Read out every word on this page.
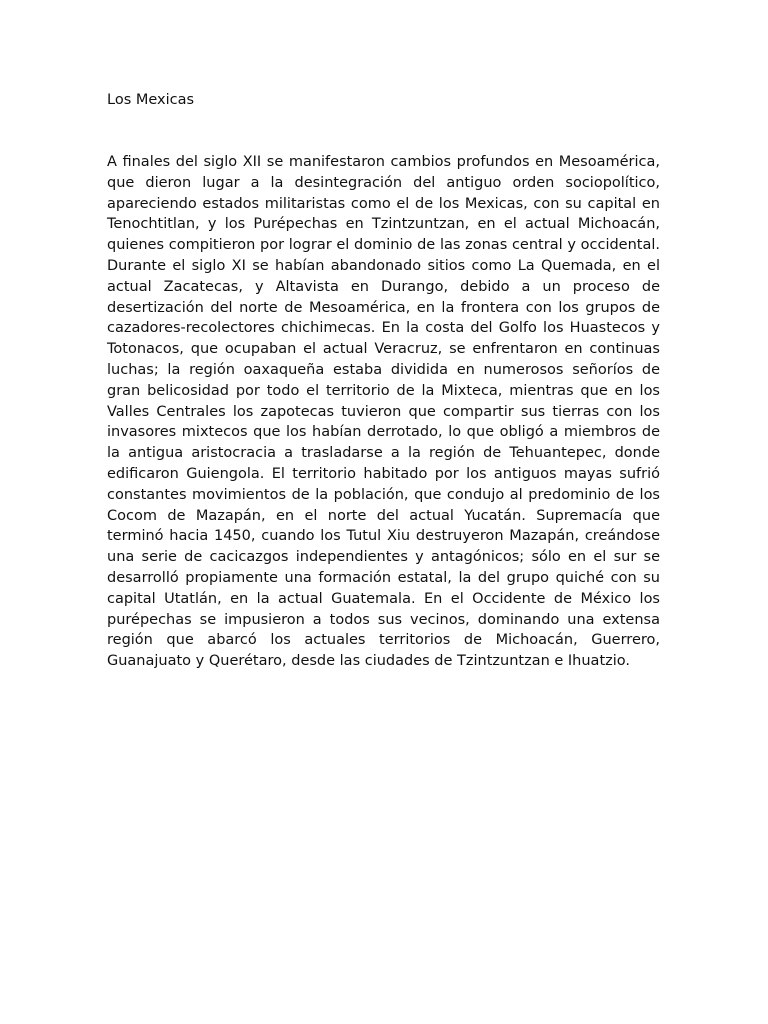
Los Mexicas

A finales del siglo XII se manifestaron cambios profundos en Mesoamérica, que dieron lugar a la desintegración del antiguo orden sociopolítico, apareciendo estados militaristas como el de los Mexicas, con su capital en Tenochtitlan, y los Purépechas en Tzintzuntzan, en el actual Michoacán, quienes compitieron por lograr el dominio de las zonas central y occidental. Durante el siglo XI se habían abandonado sitios como La Quemada, en el actual Zacatecas, y Altavista en Durango, debido a un proceso de desertización del norte de Mesoamérica, en la frontera con los grupos de cazadores-recolectores chichimecas. En la costa del Golfo los Huastecos y Totonacos, que ocupaban el actual Veracruz, se enfrentaron en continuas luchas; la región oaxaqueña estaba dividida en numerosos señoríos de gran belicosidad por todo el territorio de la Mixteca, mientras que en los Valles Centrales los zapotecas tuvieron que compartir sus tierras con los invasores mixtecos que los habían derrotado, lo que obligó a miembros de la antigua aristocracia a trasladarse a la región de Tehuantepec, donde edificaron Guiengola. El territorio habitado por los antiguos mayas sufrió constantes movimientos de la población, que condujo al predominio de los Cocom de Mazapán, en el norte del actual Yucatán. Supremacía que terminó hacia 1450, cuando los Tutul Xiu destruyeron Mazapán, creándose una serie de cacicazgos independientes y antagónicos; sólo en el sur se desarrolló propiamente una formación estatal, la del grupo quiché con su capital Utatlán, en la actual Guatemala. En el Occidente de México los purépechas se impusieron a todos sus vecinos, dominando una extensa región que abarcó los actuales territorios de Michoacán, Guerrero, Guanajuato y Querétaro, desde las ciudades de Tzintzuntzan e Ihuatzio.
